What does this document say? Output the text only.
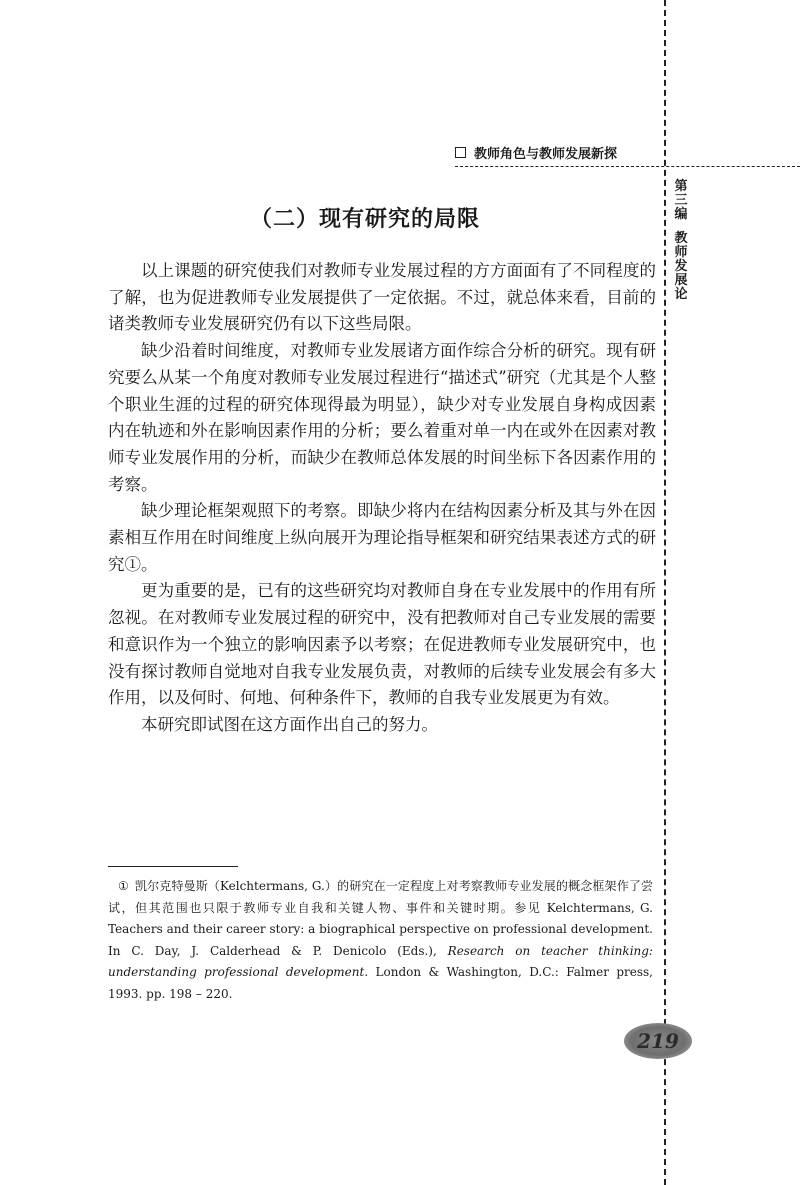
教师角色与教师发展新探
第
三
编
教
师
发
展
论
（二）现有研究的局限

以上课题的研究使我们对教师专业发展过程的方方面面有了不同程度的了解，也为促进教师专业发展提供了一定依据。不过，就总体来看，目前的诸类教师专业发展研究仍有以下这些局限。

缺少沿着时间维度，对教师专业发展诸方面作综合分析的研究。现有研究要么从某一个角度对教师专业发展过程进行“描述式”研究（尤其是个人整个职业生涯的过程的研究体现得最为明显），缺少对专业发展自身构成因素内在轨迹和外在影响因素作用的分析；要么着重对单一内在或外在因素对教师专业发展作用的分析，而缺少在教师总体发展的时间坐标下各因素作用的考察。

缺少理论框架观照下的考察。即缺少将内在结构因素分析及其与外在因素相互作用在时间维度上纵向展开为理论指导框架和研究结果表述方式的研究①。

更为重要的是，已有的这些研究均对教师自身在专业发展中的作用有所忽视。在对教师专业发展过程的研究中，没有把教师对自己专业发展的需要和意识作为一个独立的影响因素予以考察；在促进教师专业发展研究中，也没有探讨教师自觉地对自我专业发展负责，对教师的后续专业发展会有多大作用，以及何时、何地、何种条件下，教师的自我专业发展更为有效。

本研究即试图在这方面作出自己的努力。

① 凯尔克特曼斯（Kelchtermans, G.）的研究在一定程度上对考察教师专业发展的概念框架作了尝试，但其范围也只限于教师专业自我和关键人物、事件和关键时期。参见 Kelchtermans, G. Teachers and their career story: a biographical perspective on professional development. In C. Day, J. Calderhead & P. Denicolo (Eds.), Research on teacher thinking: understanding professional development. London & Washington, D.C.: Falmer press, 1993. pp. 198 – 220.
219
